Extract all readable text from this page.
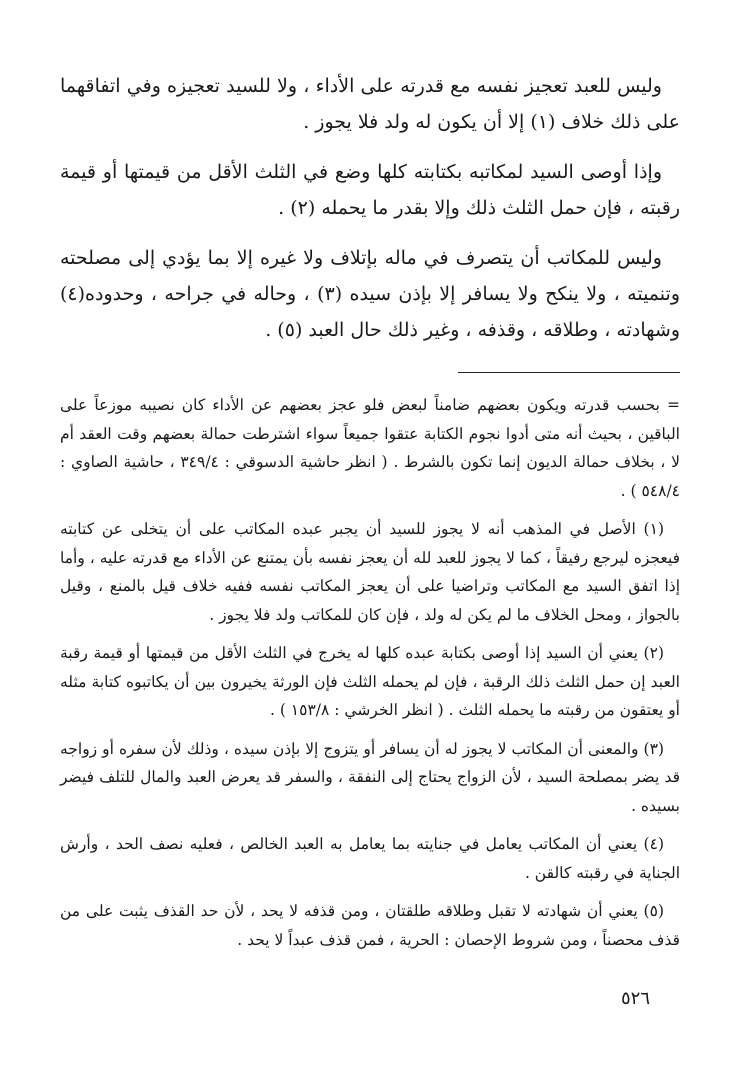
وليس للعبد تعجيز نفسه مع قدرته على الأداء ، ولا للسيد تعجيزه وفي اتفاقهما على ذلك خلاف (١) إلا أن يكون له ولد فلا يجوز .

وإذا أوصى السيد لمكاتبه بكتابته كلها وضع في الثلث الأقل من قيمتها أو قيمة رقبته ، فإن حمل الثلث ذلك وإلا بقدر ما يحمله (٢) .

وليس للمكاتب أن يتصرف في ماله بإتلاف ولا غيره إلا بما يؤدي إلى مصلحته وتنميته ، ولا ينكح ولا يسافر إلا بإذن سيده (٣) ، وحاله في جراحه ، وحدوده(٤) وشهادته ، وطلاقه ، وقذفه ، وغير ذلك حال العبد (٥) .

= بحسب قدرته ويكون بعضهم ضامناً لبعض فلو عجز بعضهم عن الأداء كان نصيبه موزعاً على الباقين ، بحيث أنه متى أدوا نجوم الكتابة عتقوا جميعاً سواء اشترطت حمالة بعضهم وقت العقد أم لا ، بخلاف حمالة الديون إنما تكون بالشرط . ( انظر حاشية الدسوقي : ٣٤٩/٤ ، حاشية الصاوي : ٥٤٨/٤ ) .

(١) الأصل في المذهب أنه لا يجوز للسيد أن يجبر عبده المكاتب على أن يتخلى عن كتابته فيعجزه ليرجع رفيقاً ، كما لا يجوز للعبد لله أن يعجز نفسه بأن يمتنع عن الأداء مع قدرته عليه ، وأما إذا اتفق السيد مع المكاتب وتراضيا على أن يعجز المكاتب نفسه ففيه خلاف قيل بالمنع ، وقيل بالجواز ، ومحل الخلاف ما لم يكن له ولد ، فإن كان للمكاتب ولد فلا يجوز .

(٢) يعني أن السيد إذا أوصى بكتابة عبده كلها له يخرج في الثلث الأقل من قيمتها أو قيمة رقبة العبد إن حمل الثلث ذلك الرقبة ، فإن لم يحمله الثلث فإن الورثة يخيرون بين أن يكاتبوه كتابة مثله أو يعتقون من رقبته ما يحمله الثلث . ( انظر الخرشي : ١٥٣/٨ ) .

(٣) والمعنى أن المكاتب لا يجوز له أن يسافر أو يتزوج إلا بإذن سيده ، وذلك لأن سفره أو زواجه قد يضر بمصلحة السيد ، لأن الزواج يحتاج إلى النفقة ، والسفر قد يعرض العبد والمال للتلف فيضر بسيده .

(٤) يعني أن المكاتب يعامل في جنايته بما يعامل به العبد الخالص ، فعليه نصف الحد ، وأرش الجناية في رقبته كالقن .

(٥) يعني أن شهادته لا تقبل وطلاقه طلقتان ، ومن قذفه لا يحد ، لأن حد القذف يثبت على من قذف محصناً ، ومن شروط الإحصان : الحرية ، فمن قذف عبداً لا يحد .

٥٢٦
